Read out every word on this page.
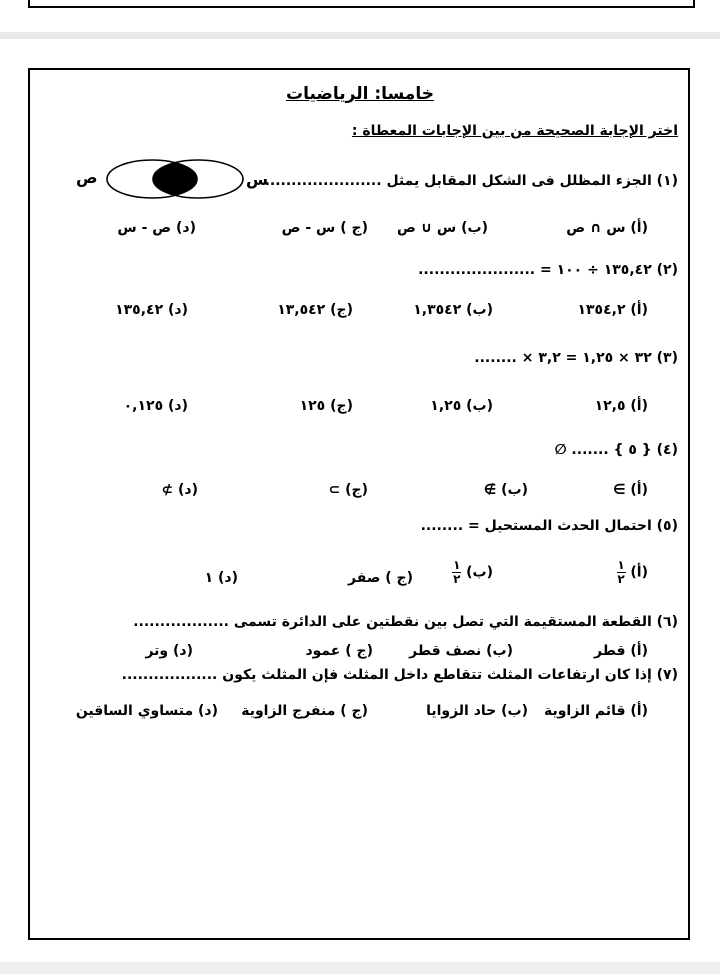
خامسا: الرياضيات
اختر الإجابة الصحيحة من بين الإجابات المعطاة :
س
ص	(١) الجزء المظلل فى الشكل المقابل يمثل ......................
(أ) س ∩ ص
(ب) س ∪ ص
(ج ) س - ص
(د) ص - س
(٢) ١٣٥,٤٢ ÷ ١٠٠ = ......................
(أ) ١٣٥٤,٢
(ب) ١,٣٥٤٢
(ج) ١٣,٥٤٢
(د) ١٣٥,٤٢
(٣) ٣٢ × ١,٢٥ = ٣,٢ × ........
(أ) ١٢,٥
(ب) ١,٢٥
(ج) ١٢٥
(د) ٠,١٢٥
(٤) { ٥ } ....... ∅
(أ) ∋
(ب) ∌
(ج) ⊃
(د) ⊅
(٥) احتمال الحدث المستحيل = ........
(أ) $\frac{١}{٢}$
(ب) $\frac{١}{٢}$
(ج ) صفر
(د) ١
(٦) القطعة المستقيمة التي تصل بين نقطتين على الدائرة تسمى ..................
(أ) قطر
(ب) نصف قطر
(ج ) عمود
(د) وتر
(٧) إذا كان ارتفاعات المثلث تتقاطع داخل المثلث فإن المثلث يكون ..................
(أ) قائم الزاوية
(ب) حاد الزوايا
(ج ) منفرج الزاوية
(د) متساوي الساقين
